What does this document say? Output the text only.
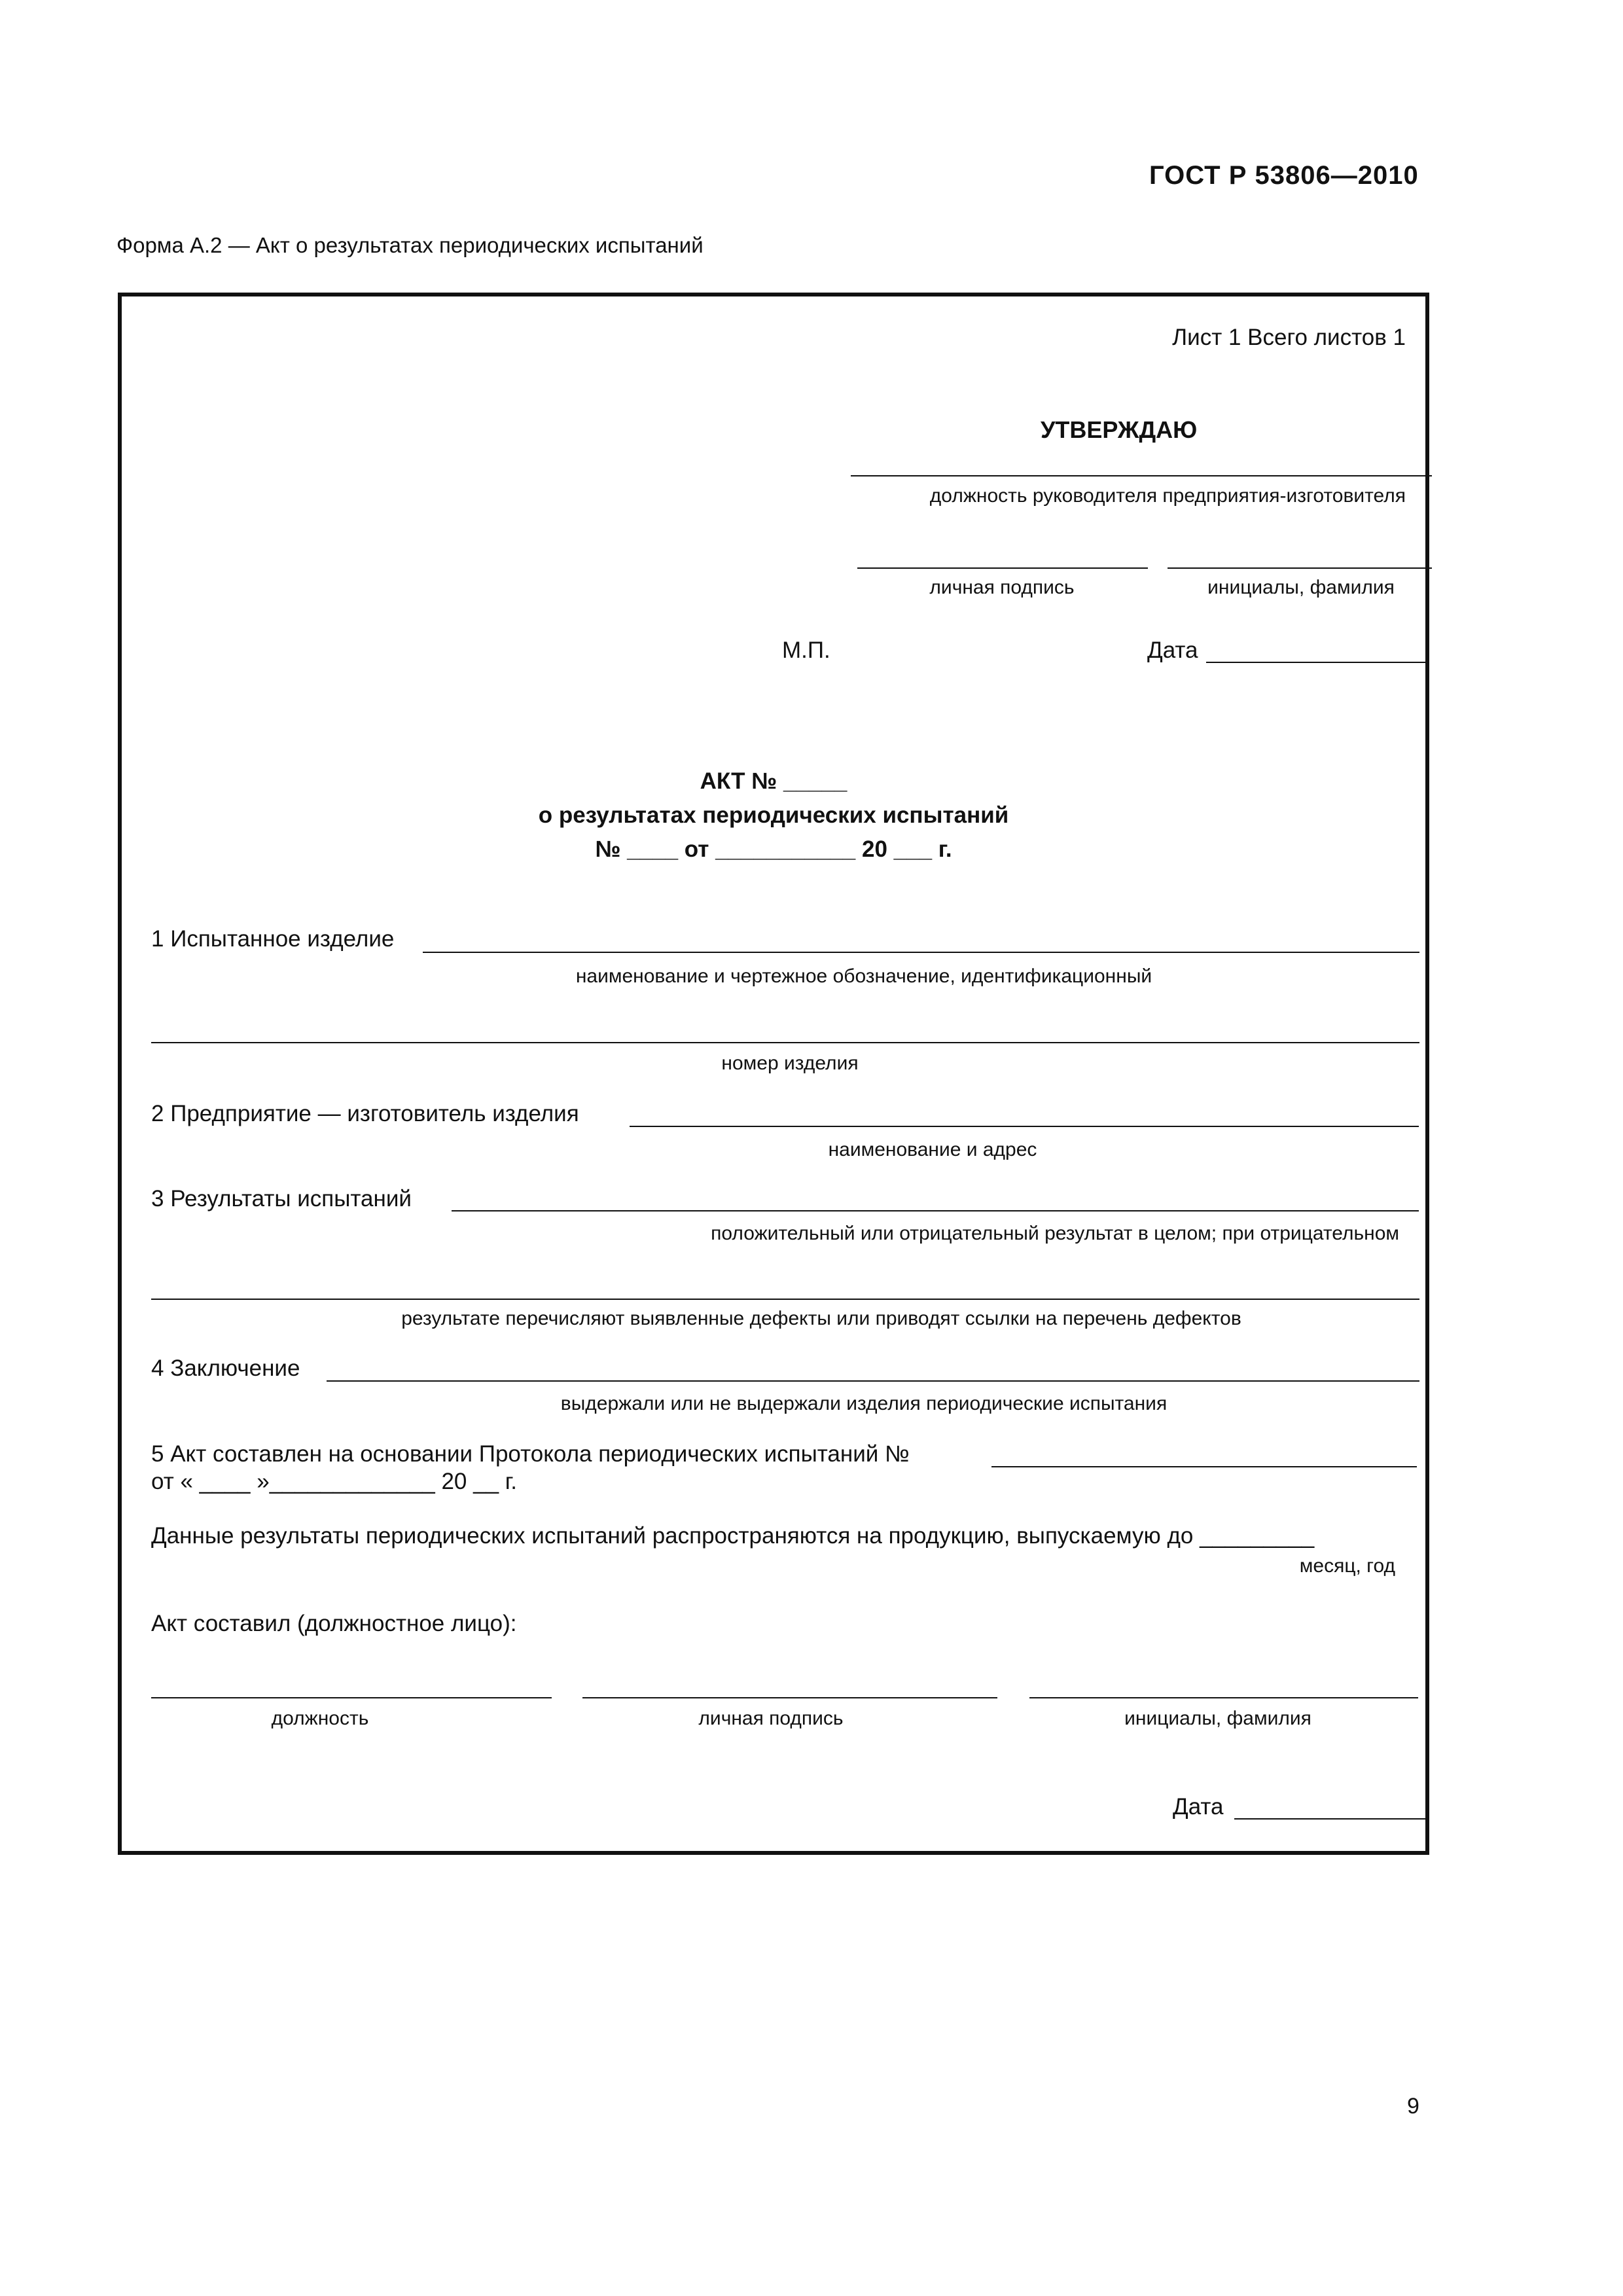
ГОСТ Р 53806—2010
Форма А.2 — Акт о результатах периодических испытаний
Лист 1 Всего листов 1
УТВЕРЖДАЮ
должность руководителя предприятия-изготовителя
личная подпись	инициалы, фамилия
М.П.	Дата
АКТ № _____
о результатах периодических испытаний
№ ____ от ___________ 20 ___ г.
1 Испытанное изделие
наименование и чертежное обозначение, идентификационный
номер изделия
2 Предприятие — изготовитель изделия
наименование и адрес
3 Результаты испытаний
положительный или отрицательный результат в целом; при отрицательном
результате перечисляют выявленные дефекты или приводят ссылки на перечень дефектов
4 Заключение
выдержали или не выдержали изделия периодические испытания
5 Акт составлен на основании Протокола периодических испытаний №
от « ____ »_____________ 20 __ г.
Данные результаты периодических испытаний распространяются на продукцию, выпускаемую до _________
месяц, год
Акт составил (должностное лицо):
должность	личная подпись	инициалы, фамилия
Дата
9
